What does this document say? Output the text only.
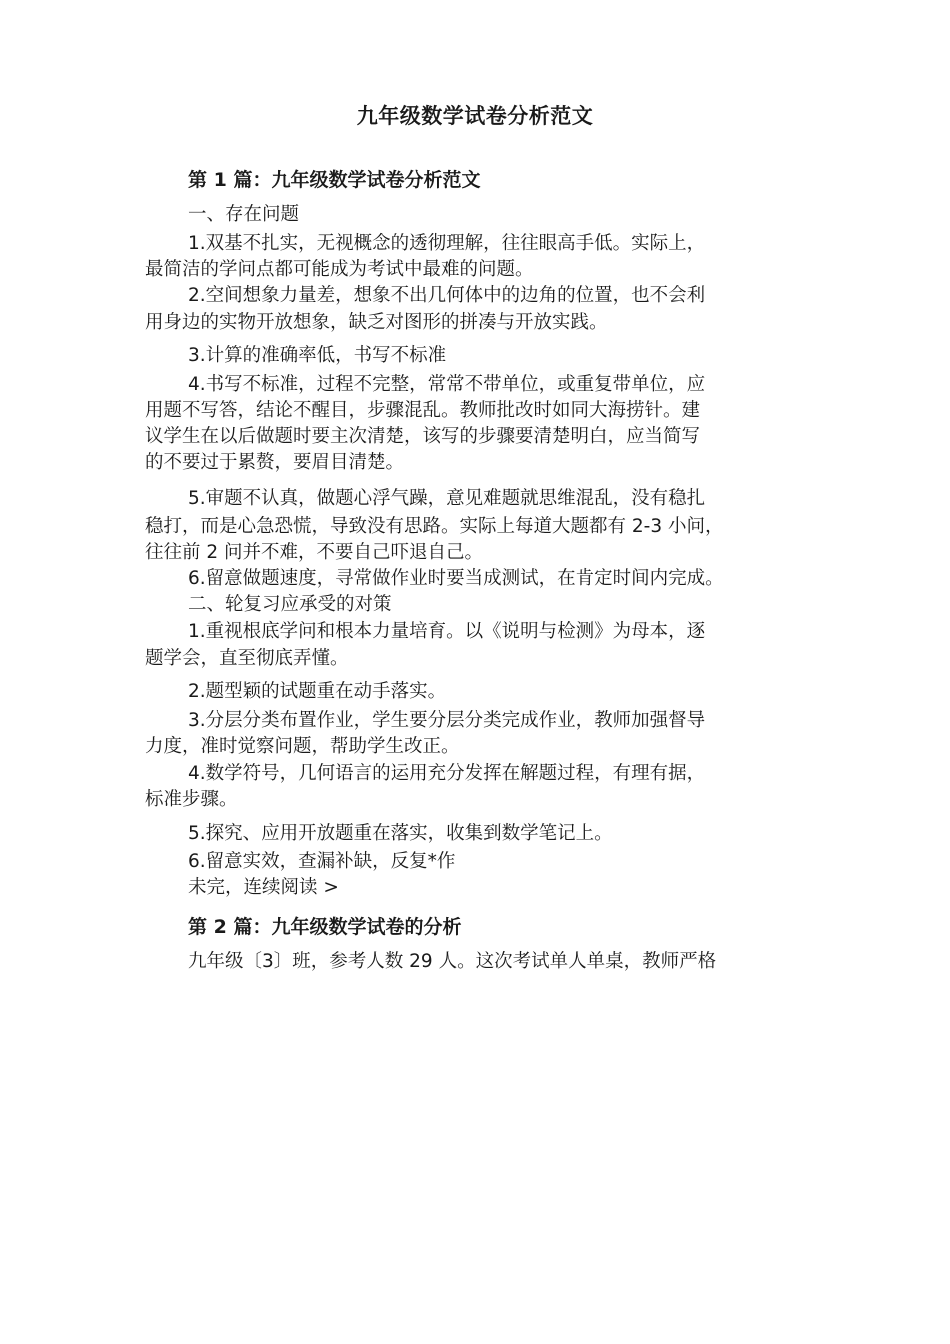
九年级数学试卷分析范文
第 1 篇：九年级数学试卷分析范文
一、存在问题
1.双基不扎实，无视概念的透彻理解，往往眼高手低。实际上，
最简洁的学问点都可能成为考试中最难的问题。
2.空间想象力量差，想象不出几何体中的边角的位置，也不会利
用身边的实物开放想象，缺乏对图形的拼凑与开放实践。
3.计算的准确率低，书写不标准
4.书写不标准，过程不完整，常常不带单位，或重复带单位，应
用题不写答，结论不醒目，步骤混乱。教师批改时如同大海捞针。建
议学生在以后做题时要主次清楚，该写的步骤要清楚明白，应当简写
的不要过于累赘，要眉目清楚。
5.审题不认真，做题心浮气躁，意见难题就思维混乱，没有稳扎
稳打，而是心急恐慌，导致没有思路。实际上每道大题都有 2-3 小问，
往往前 2 问并不难，不要自己吓退自己。
6.留意做题速度，寻常做作业时要当成测试，在肯定时间内完成。
二、轮复习应承受的对策
1.重视根底学问和根本力量培育。以《说明与检测》为母本，逐
题学会，直至彻底弄懂。
2.题型颖的试题重在动手落实。
3.分层分类布置作业，学生要分层分类完成作业，教师加强督导
力度，准时觉察问题，帮助学生改正。
4.数学符号，几何语言的运用充分发挥在解题过程，有理有据，
标准步骤。
5.探究、应用开放题重在落实，收集到数学笔记上。
6.留意实效，查漏补缺，反复*作
未完，连续阅读 >
第 2 篇：九年级数学试卷的分析
九年级〔3〕班，参考人数 29 人。这次考试单人单桌，教师严格
